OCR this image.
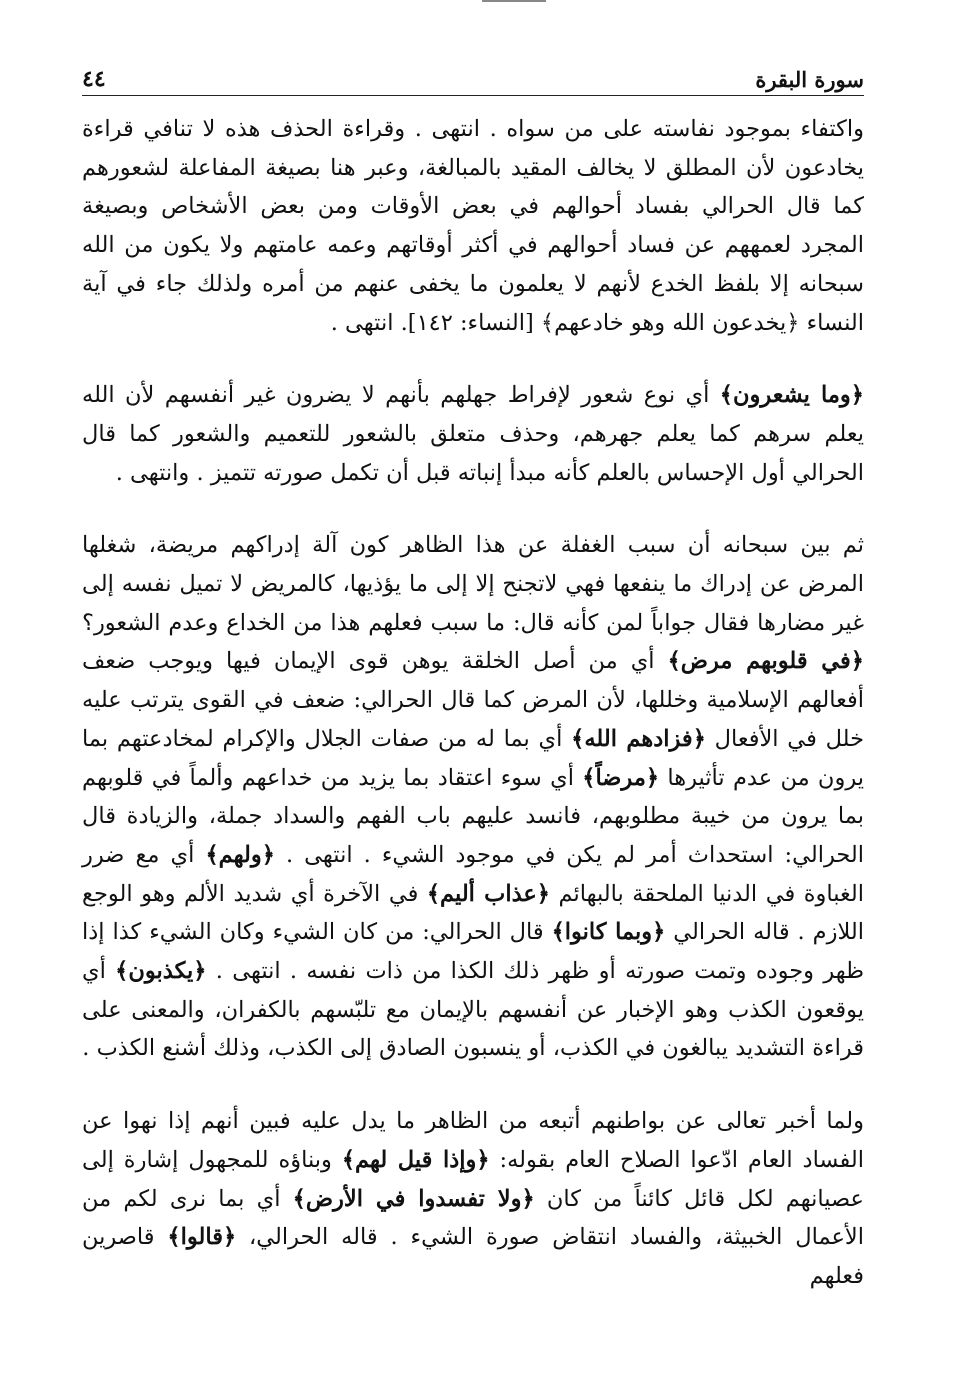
سورة البقرة
٤٤

واكتفاء بموجود نفاسته على من سواه . انتهى . وقراءة الحذف هذه لا تنافي قراءة يخادعون لأن المطلق لا يخالف المقيد بالمبالغة، وعبر هنا بصيغة المفاعلة لشعورهم كما قال الحرالي بفساد أحوالهم في بعض الأوقات ومن بعض الأشخاص وبصيغة المجرد لعمههم عن فساد أحوالهم في أكثر أوقاتهم وعمه عامتهم ولا يكون من الله سبحانه إلا بلفظ الخدع لأنهم لا يعلمون ما يخفى عنهم من أمره ولذلك جاء في آية النساء ﴿يخدعون الله وهو خادعهم﴾ [النساء: ١٤٢]. انتهى .

﴿وما يشعرون﴾ أي نوع شعور لإفراط جهلهم بأنهم لا يضرون غير أنفسهم لأن الله يعلم سرهم كما يعلم جهرهم، وحذف متعلق بالشعور للتعميم والشعور كما قال الحرالي أول الإحساس بالعلم كأنه مبدأ إنباته قبل أن تكمل صورته تتميز . وانتهى .

ثم بين سبحانه أن سبب الغفلة عن هذا الظاهر كون آلة إدراكهم مريضة، شغلها المرض عن إدراك ما ينفعها فهي لاتجنح إلا إلى ما يؤذيها، كالمريض لا تميل نفسه إلى غير مضارها فقال جواباً لمن كأنه قال: ما سبب فعلهم هذا من الخداع وعدم الشعور؟ ﴿في قلوبهم مرض﴾ أي من أصل الخلقة يوهن قوى الإيمان فيها ويوجب ضعف أفعالهم الإسلامية وخللها، لأن المرض كما قال الحرالي: ضعف في القوى يترتب عليه خلل في الأفعال ﴿فزادهم الله﴾ أي بما له من صفات الجلال والإكرام لمخادعتهم بما يرون من عدم تأثيرها ﴿مرضاً﴾ أي سوء اعتقاد بما يزيد من خداعهم وألماً في قلوبهم بما يرون من خيبة مطلوبهم، فانسد عليهم باب الفهم والسداد جملة، والزيادة قال الحرالي: استحداث أمر لم يكن في موجود الشيء . انتهى . ﴿ولهم﴾ أي مع ضرر الغباوة في الدنيا الملحقة بالبهائم ﴿عذاب أليم﴾ في الآخرة أي شديد الألم وهو الوجع اللازم . قاله الحرالي ﴿وبما كانوا﴾ قال الحرالي: من كان الشيء وكان الشيء كذا إذا ظهر وجوده وتمت صورته أو ظهر ذلك الكذا من ذات نفسه . انتهى . ﴿يكذبون﴾ أي يوقعون الكذب وهو الإخبار عن أنفسهم بالإيمان مع تلبّسهم بالكفران، والمعنى على قراءة التشديد يبالغون في الكذب، أو ينسبون الصادق إلى الكذب، وذلك أشنع الكذب .

ولما أخبر تعالى عن بواطنهم أتبعه من الظاهر ما يدل عليه فبين أنهم إذا نهوا عن الفساد العام ادّعوا الصلاح العام بقوله: ﴿وإذا قيل لهم﴾ وبناؤه للمجهول إشارة إلى عصيانهم لكل قائل كائناً من كان ﴿ولا تفسدوا في الأرض﴾ أي بما نرى لكم من الأعمال الخبيثة، والفساد انتقاض صورة الشيء . قاله الحرالي، ﴿قالوا﴾ قاصرين فعلهم
